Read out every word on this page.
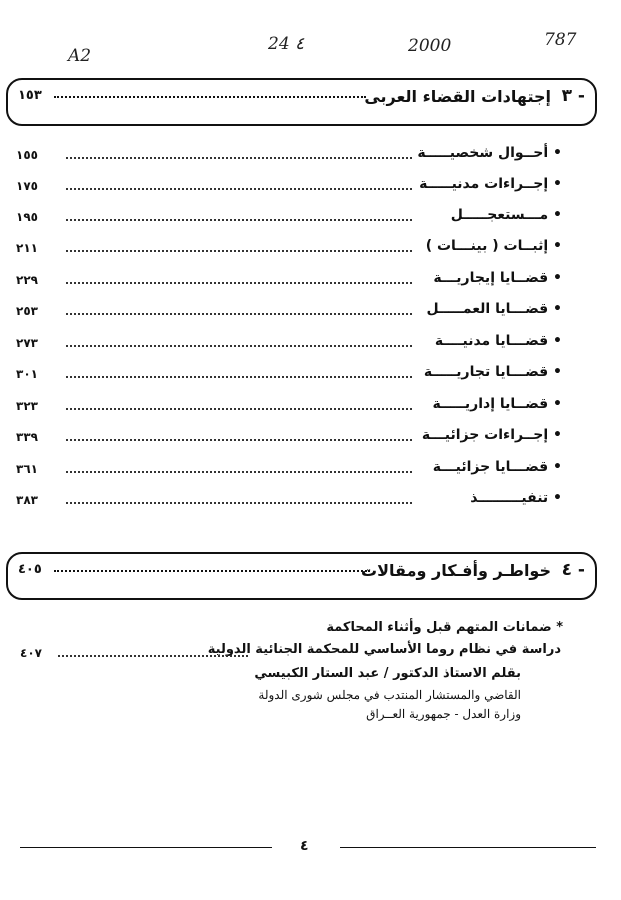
A2
24 ٤	2000	787
٣ -
إجتهادات القضاء العربى
١٥٣
• أحــوال شخصيـــــة
١٥٥
• إجــراءات مدنيـــــة
١٧٥
• مـــستعجـــــل
١٩٥
• إثبــات ( بينـــات )
٢١١
• قضــايا إيجاريـــة
٢٢٩
• قضـــايا العمـــــل
٢٥٣
• قضـــايا مدنيــــة
٢٧٣
• قضـــايا تجاريـــــة
٣٠١
• قضــايا إداريـــــة
٣٢٣
• إجــراءات جزائيـــة
٣٣٩
• قضـــايا جزائيـــة
٣٦١
• تنفيـــــــــذ
٣٨٣
٤ -
خواطـر وأفـكار ومقالات
٤٠٥
* ضمانات المتهم قبل وأثناء المحاكمة
دراسة في نظام روما الأساسي للمحكمة الجنائية الدولية
٤٠٧
بقلم الاستاذ الدكتور / عبد الستار الكبيسي
القاضي والمستشار المنتدب في مجلس شورى الدولة
وزارة العدل - جمهورية العــراق
٤
